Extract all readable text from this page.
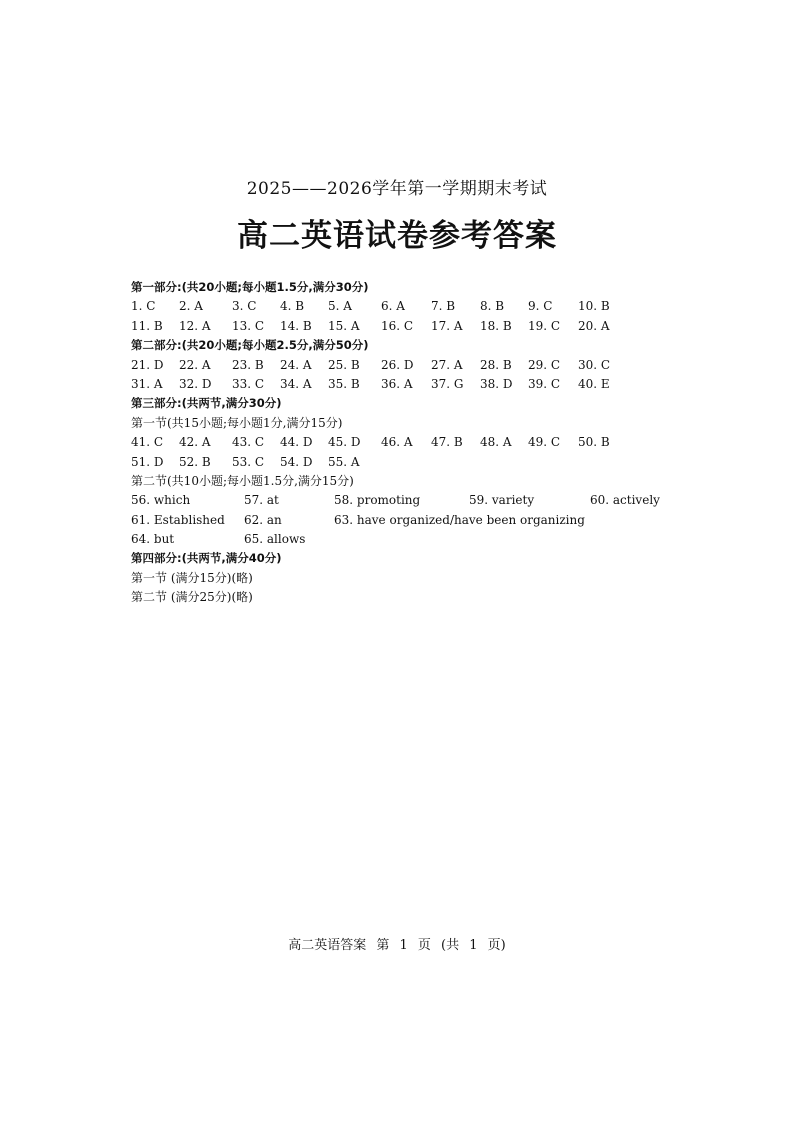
2025——2026学年第一学期期末考试
高二英语试卷参考答案
第一部分:(共20小题;每小题1.5分,满分30分)
1. C 2. A 3. C 4. B 5. A 6. A 7. B 8. B 9. C 10. B
11. B 12. A 13. C 14. B 15. A 16. C 17. A 18. B 19. C 20. A
第二部分:(共20小题;每小题2.5分,满分50分)
21. D 22. A 23. B 24. A 25. B 26. D 27. A 28. B 29. C 30. C
31. A 32. D 33. C 34. A 35. B 36. A 37. G 38. D 39. C 40. E
第三部分:(共两节,满分30分)
第一节(共15小题;每小题1分,满分15分)
41. C 42. A 43. C 44. D 45. D 46. A 47. B 48. A 49. C 50. B
51. D 52. B 53. C 54. D 55. A
第二节(共10小题;每小题1.5分,满分15分)
56. which	57. at	58. promoting	59. variety	60. actively
61. Established 62. an	63. have organized/have been organizing
64. but	65. allows
第四部分:(共两节,满分40分)
第一节 (满分15分)(略)
第二节 (满分25分)(略)
高二英语答案 第 1 页 (共 1 页)
